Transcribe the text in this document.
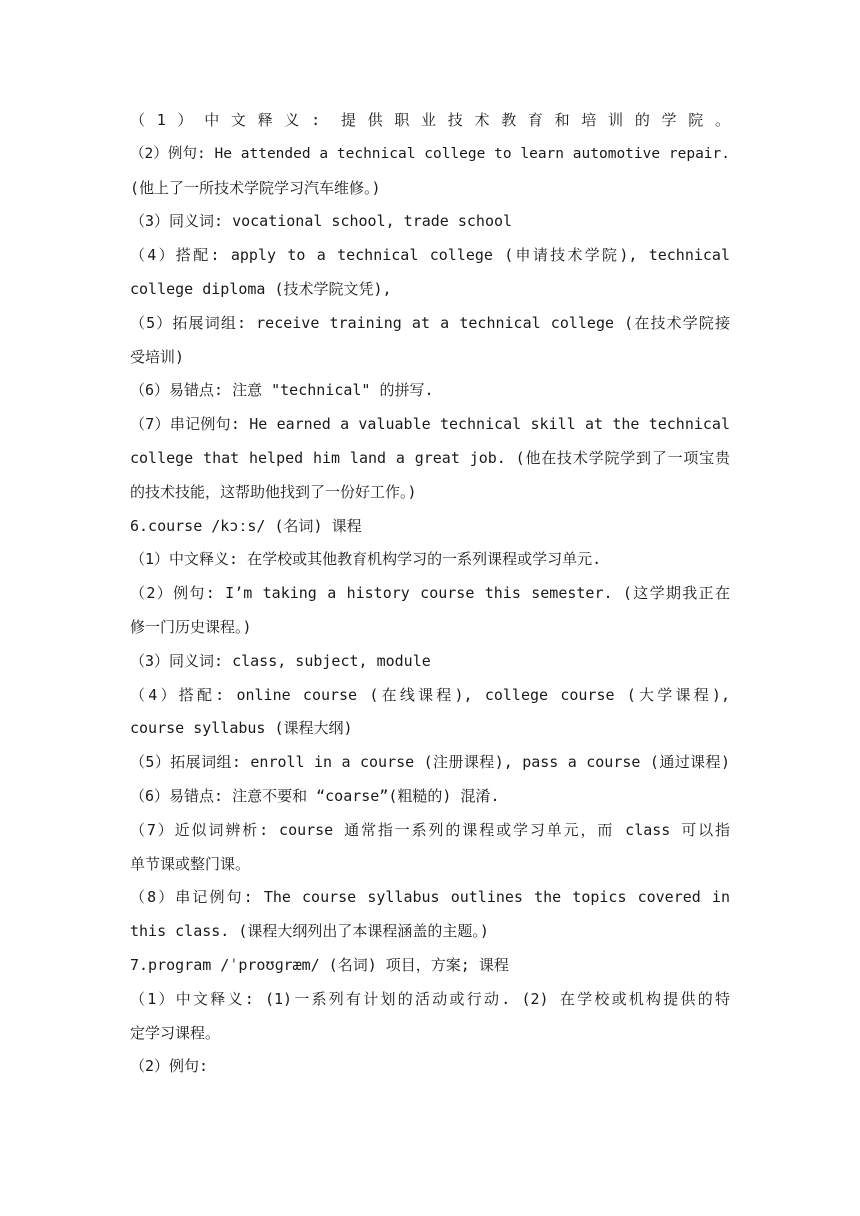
（1）中文释义: 提供职业技术教育和培训的学院。
（2）例句: He attended a technical college to learn automotive repair.
(他上了一所技术学院学习汽车维修。)
（3）同义词: vocational school, trade school
（4）搭配: apply to a technical college (申请技术学院), technical
college diploma (技术学院文凭),
（5）拓展词组: receive training at a technical college (在技术学院接
受培训)
（6）易错点: 注意 "technical" 的拼写.
（7）串记例句: He earned a valuable technical skill at the technical
college that helped him land a great job. (他在技术学院学到了一项宝贵
的技术技能，这帮助他找到了一份好工作。)
6.course /kɔːs/ (名词) 课程
（1）中文释义: 在学校或其他教育机构学习的一系列课程或学习单元.
（2）例句: I’m taking a history course this semester. (这学期我正在
修一门历史课程。)
（3）同义词: class, subject, module
（4）搭配: online course (在线课程), college course (大学课程),
course syllabus (课程大纲)
（5）拓展词组: enroll in a course (注册课程), pass a course (通过课程)
（6）易错点: 注意不要和 “coarse”(粗糙的) 混淆.
（7）近似词辨析: course 通常指一系列的课程或学习单元，而 class 可以指
单节课或整门课。
（8）串记例句: The course syllabus outlines the topics covered in
this class. (课程大纲列出了本课程涵盖的主题。)
7.program /ˈproʊɡræm/ (名词) 项目，方案; 课程
（1）中文释义: (1)一系列有计划的活动或行动. (2) 在学校或机构提供的特
定学习课程。
（2）例句:
